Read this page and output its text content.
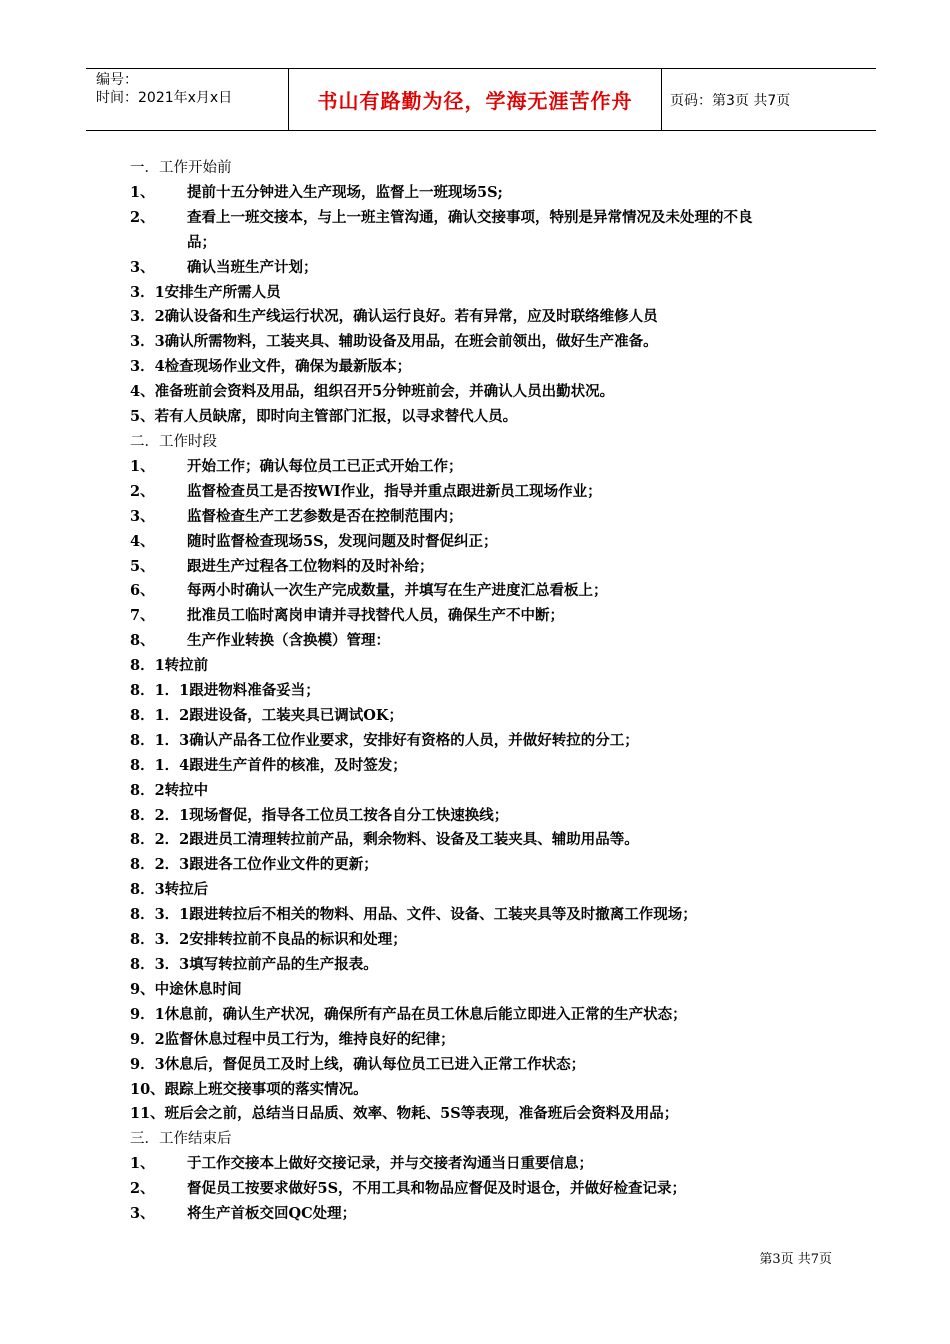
编号：
时间：2021年x月x日	书山有路勤为径，学海无涯苦作舟	页码：第3页 共7页
一．工作开始前
1、 提前十五分钟进入生产现场，监督上一班现场5S;
2、 查看上一班交接本，与上一班主管沟通，确认交接事项，特别是异常情况及未处理的不良
品；
3、 确认当班生产计划；
3．1安排生产所需人员
3．2确认设备和生产线运行状况，确认运行良好。若有异常，应及时联络维修人员
3．3确认所需物料，工装夹具、辅助设备及用品，在班会前领出，做好生产准备。
3．4检查现场作业文件，确保为最新版本；
4、准备班前会资料及用品，组织召开5分钟班前会，并确认人员出勤状况。
5、若有人员缺席，即时向主管部门汇报，以寻求替代人员。
二．工作时段
1、 开始工作；确认每位员工已正式开始工作；
2、 监督检查员工是否按WI作业，指导并重点跟进新员工现场作业；
3、 监督检查生产工艺参数是否在控制范围内；
4、 随时监督检查现场5S，发现问题及时督促纠正；
5、 跟进生产过程各工位物料的及时补给；
6、 每两小时确认一次生产完成数量，并填写在生产进度汇总看板上；
7、 批准员工临时离岗申请并寻找替代人员，确保生产不中断；
8、 生产作业转换（含换模）管理：
8．1转拉前
8．1．1跟进物料准备妥当；
8．1．2跟进设备，工装夹具已调试OK；
8．1．3确认产品各工位作业要求，安排好有资格的人员，并做好转拉的分工；
8．1．4跟进生产首件的核准，及时签发；
8．2转拉中
8．2．1现场督促，指导各工位员工按各自分工快速换线；
8．2．2跟进员工清理转拉前产品，剩余物料、设备及工装夹具、辅助用品等。
8．2．3跟进各工位作业文件的更新；
8．3转拉后
8．3．1跟进转拉后不相关的物料、用品、文件、设备、工装夹具等及时撤离工作现场；
8．3．2安排转拉前不良品的标识和处理；
8．3．3填写转拉前产品的生产报表。
9、中途休息时间
9．1休息前，确认生产状况，确保所有产品在员工休息后能立即进入正常的生产状态；
9．2监督休息过程中员工行为，维持良好的纪律；
9．3休息后，督促员工及时上线，确认每位员工已进入正常工作状态；
10、跟踪上班交接事项的落实情况。
11、班后会之前，总结当日品质、效率、物耗、5S等表现，准备班后会资料及用品；
三．工作结束后
1、 于工作交接本上做好交接记录，并与交接者沟通当日重要信息；
2、 督促员工按要求做好5S，不用工具和物品应督促及时退仓，并做好检查记录；
3、 将生产首板交回QC处理；
第3页 共7页
